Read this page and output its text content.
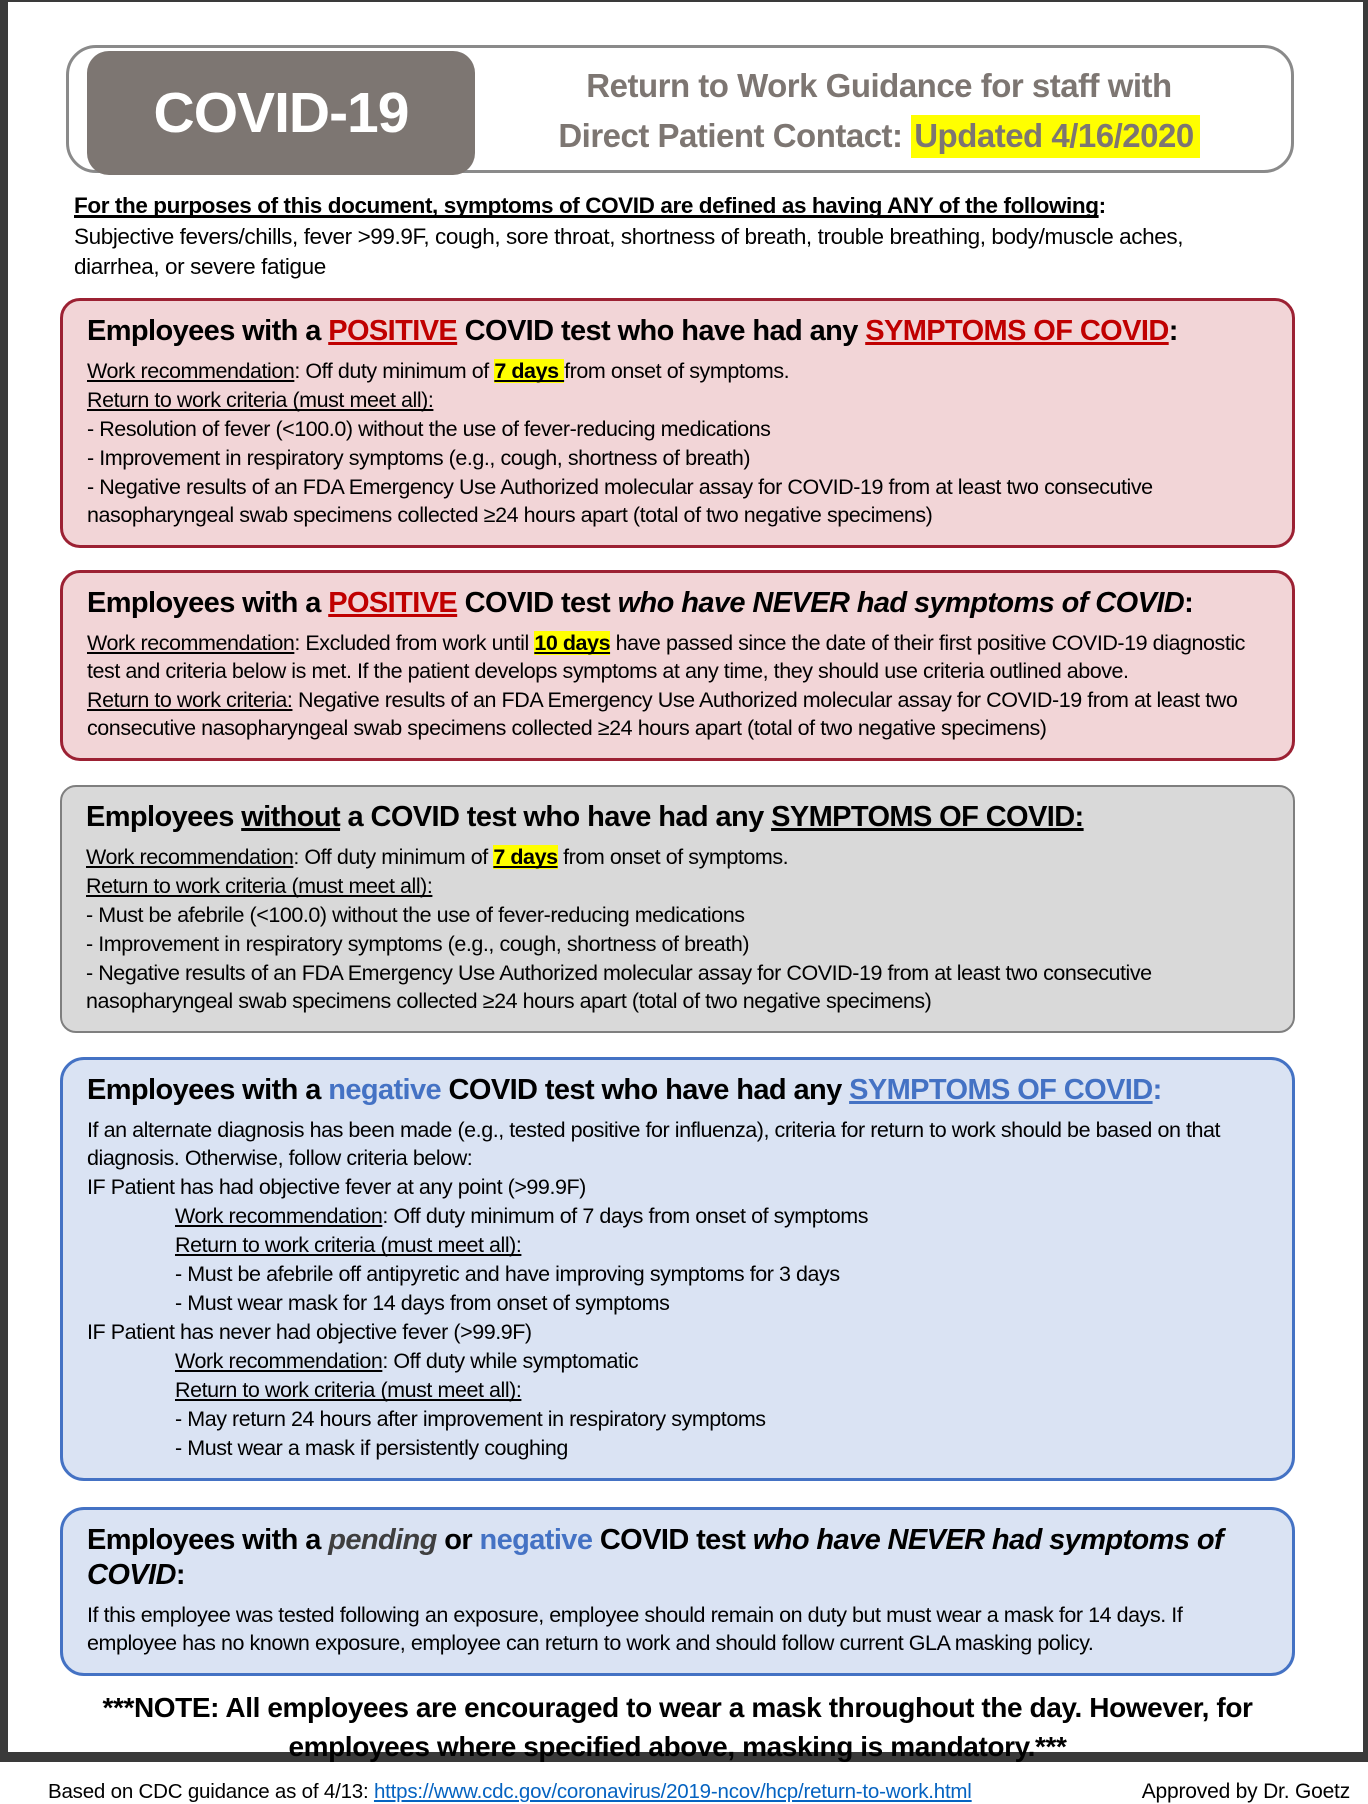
COVID-19	Return to Work Guidance for staff with
Direct Patient Contact: Updated 4/16/2020
For the purposes of this document, symptoms of COVID are defined as having ANY of the following:
Subjective fevers/chills, fever >99.9F, cough, sore throat, shortness of breath, trouble breathing, body/muscle aches, diarrhea, or severe fatigue
Employees with a POSITIVE COVID test who have had any SYMPTOMS OF COVID:
Work recommendation: Off duty minimum of 7 days from onset of symptoms.
Return to work criteria (must meet all):
- Resolution of fever (<100.0) without the use of fever-reducing medications
- Improvement in respiratory symptoms (e.g., cough, shortness of breath)
- Negative results of an FDA Emergency Use Authorized molecular assay for COVID-19 from at least two consecutive nasopharyngeal swab specimens collected ≥24 hours apart (total of two negative specimens)
Employees with a POSITIVE COVID test who have NEVER had symptoms of COVID:
Work recommendation: Excluded from work until 10 days have passed since the date of their first positive COVID-19 diagnostic test and criteria below is met. If the patient develops symptoms at any time, they should use criteria outlined above.
Return to work criteria: Negative results of an FDA Emergency Use Authorized molecular assay for COVID-19 from at least two consecutive nasopharyngeal swab specimens collected ≥24 hours apart (total of two negative specimens)
Employees without a COVID test who have had any SYMPTOMS OF COVID:
Work recommendation: Off duty minimum of 7 days from onset of symptoms.
Return to work criteria (must meet all):
- Must be afebrile (<100.0) without the use of fever-reducing medications
- Improvement in respiratory symptoms (e.g., cough, shortness of breath)
- Negative results of an FDA Emergency Use Authorized molecular assay for COVID-19 from at least two consecutive nasopharyngeal swab specimens collected ≥24 hours apart (total of two negative specimens)
Employees with a negative COVID test who have had any SYMPTOMS OF COVID:
If an alternate diagnosis has been made (e.g., tested positive for influenza), criteria for return to work should be based on that diagnosis. Otherwise, follow criteria below:
IF Patient has had objective fever at any point (>99.9F)
Work recommendation: Off duty minimum of 7 days from onset of symptoms
Return to work criteria (must meet all):
- Must be afebrile off antipyretic and have improving symptoms for 3 days
- Must wear mask for 14 days from onset of symptoms
IF Patient has never had objective fever (>99.9F)
Work recommendation: Off duty while symptomatic
Return to work criteria (must meet all):
- May return 24 hours after improvement in respiratory symptoms
- Must wear a mask if persistently coughing
Employees with a pending or negative COVID test who have NEVER had symptoms of COVID:
If this employee was tested following an exposure, employee should remain on duty but must wear a mask for 14 days. If employee has no known exposure, employee can return to work and should follow current GLA masking policy.
***NOTE: All employees are encouraged to wear a mask throughout the day. However, for employees where specified above, masking is mandatory.***
Based on CDC guidance as of 4/13: https://www.cdc.gov/coronavirus/2019-ncov/hcp/return-to-work.html	Approved by Dr. Goetz
